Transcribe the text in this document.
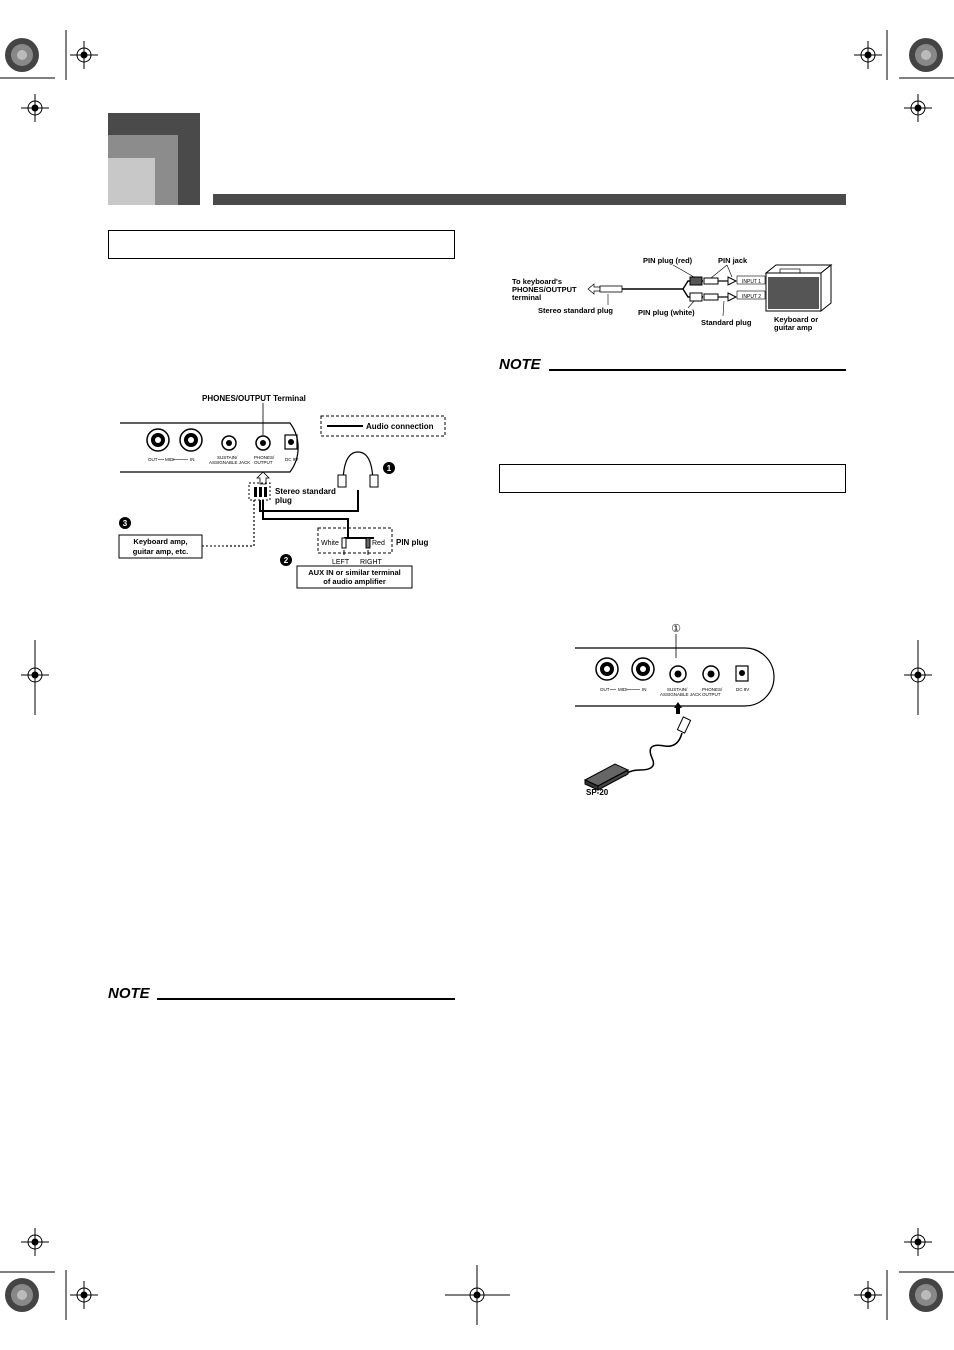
NOTE
NOTE
PHONES/OUTPUT Terminal
Audio connection
OUT MIDI	IN	SUSTAIN/
ASSIGNABLE JACK
PHONES/
OUTPUT
DC 9V
Stereo standard
plug
1
White	Red PIN plug
LEFT RIGHT
2
AUX IN or similar terminal
of audio amplifier
3
Keyboard amp,
guitar amp, etc.
PIN plug (red)	PIN jack
To keyboard's
PHONES/OUTPUT
terminal
Stereo standard plug	PIN plug (white)
Standard plug
INPUT 1
INPUT 2
Keyboard or
guitar amp
①
OUT MIDI	IN	SUSTAIN/
ASSIGNABLE JACK
PHONES/
OUTPUT
DC 9V
SP-20
